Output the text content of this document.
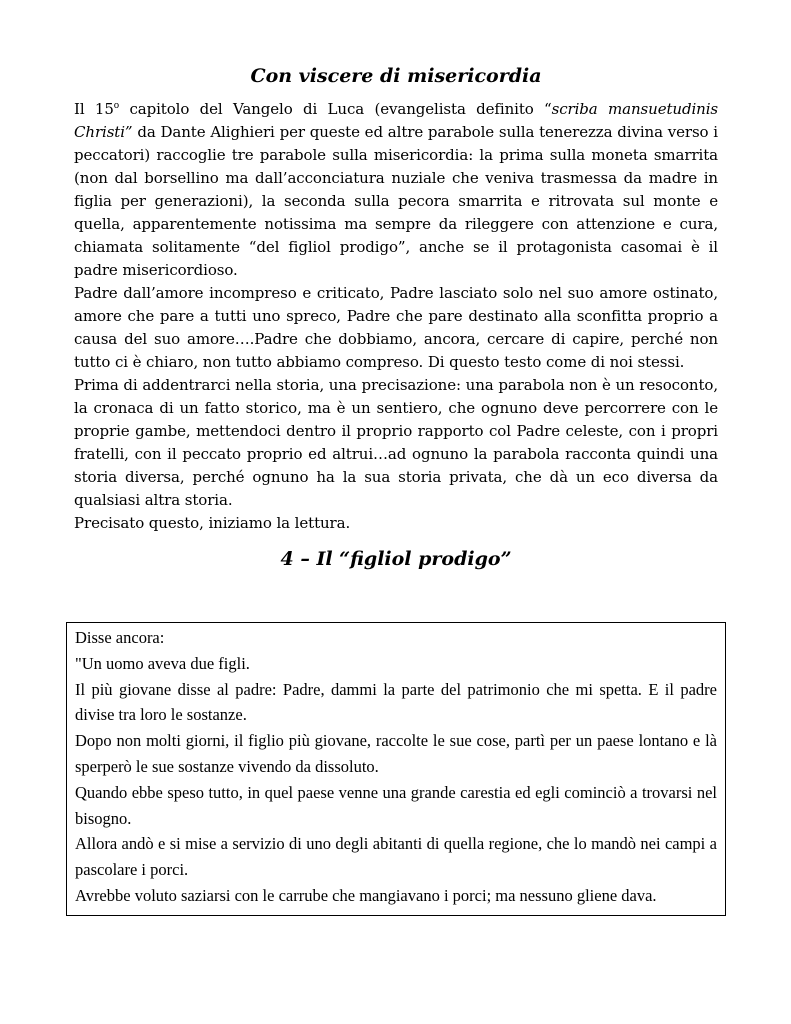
Con viscere di misericordia

Il 15$^o$ capitolo del Vangelo di Luca (evangelista definito “scriba mansuetudinis Christi” da Dante Alighieri per queste ed altre parabole sulla tenerezza divina verso i peccatori) raccoglie tre parabole sulla misericordia: la prima sulla moneta smarrita (non dal borsellino ma dall’acconciatura nuziale che veniva trasmessa da madre in figlia per generazioni), la seconda sulla pecora smarrita e ritrovata sul monte e quella, apparentemente notissima ma sempre da rileggere con attenzione e cura, chiamata solitamente “del figliol prodigo”, anche se il protagonista casomai è il padre misericordioso.

Padre dall’amore incompreso e criticato, Padre lasciato solo nel suo amore ostinato, amore che pare a tutti uno spreco, Padre che pare destinato alla sconfitta proprio a causa del suo amore….Padre che dobbiamo, ancora, cercare di capire, perché non tutto ci è chiaro, non tutto abbiamo compreso. Di questo testo come di noi stessi.

Prima di addentrarci nella storia, una precisazione: una parabola non è un resoconto, la cronaca di un fatto storico, ma è un sentiero, che ognuno deve percorrere con le proprie gambe, mettendoci dentro il proprio rapporto col Padre celeste, con i propri fratelli, con il peccato proprio ed altrui…ad ognuno la parabola racconta quindi una storia diversa, perché ognuno ha la sua storia privata, che dà un eco diversa da qualsiasi altra storia.

Precisato questo, iniziamo la lettura.

4 – Il “figliol prodigo”

Disse ancora:

"Un uomo aveva due figli.

Il più giovane disse al padre: Padre, dammi la parte del patrimonio che mi spetta. E il padre divise tra loro le sostanze.

Dopo non molti giorni, il figlio più giovane, raccolte le sue cose, partì per un paese lontano e là sperperò le sue sostanze vivendo da dissoluto.

Quando ebbe speso tutto, in quel paese venne una grande carestia ed egli cominciò a trovarsi nel bisogno.

Allora andò e si mise a servizio di uno degli abitanti di quella regione, che lo mandò nei campi a pascolare i porci.

Avrebbe voluto saziarsi con le carrube che mangiavano i porci; ma nessuno gliene dava.
